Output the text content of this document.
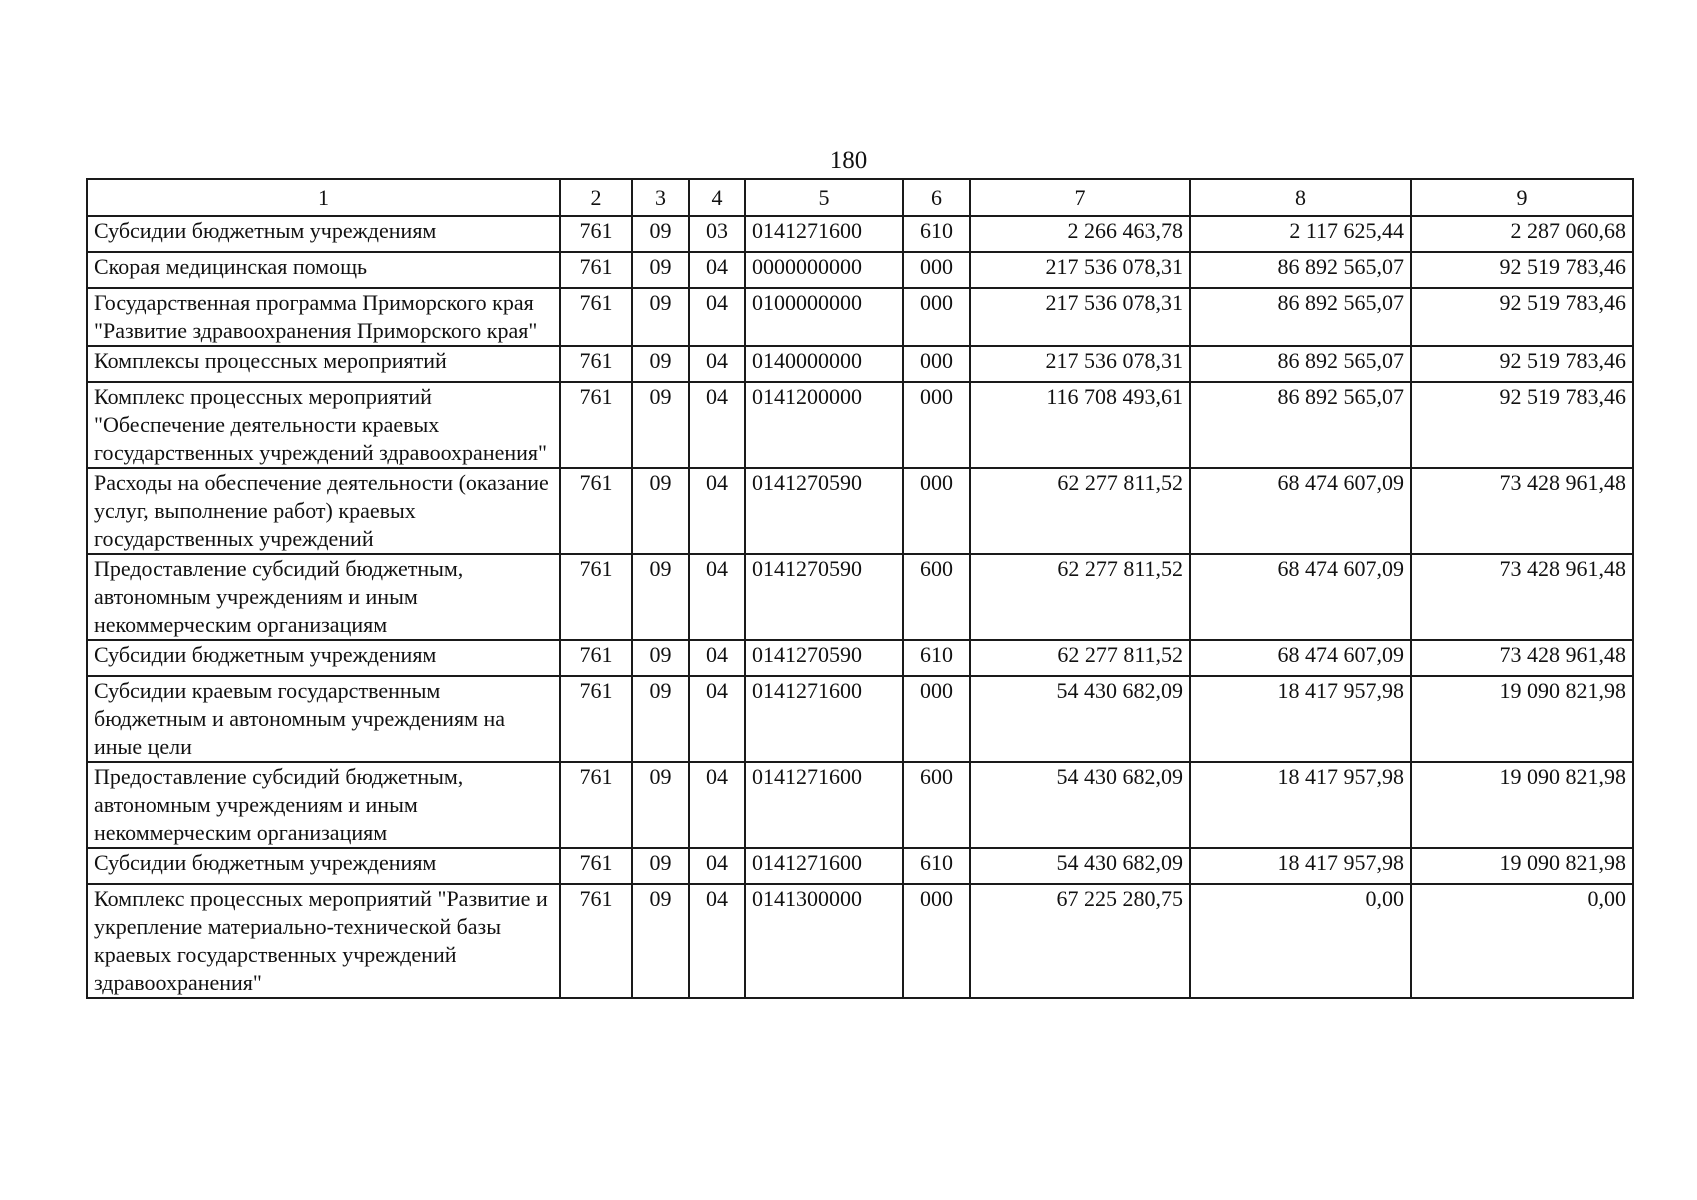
180
1	2	3	4	5	6	7	8	9
Субсидии бюджетным учреждениям	761	09	03	0141271600	610	2 266 463,78	2 117 625,44	2 287 060,68
Скорая медицинская помощь	761	09	04	0000000000	000	217 536 078,31	86 892 565,07	92 519 783,46
Государственная программа Приморского края "Развитие здравоохранения Приморского края"	761	09	04	0100000000	000	217 536 078,31	86 892 565,07	92 519 783,46
Комплексы процессных мероприятий	761	09	04	0140000000	000	217 536 078,31	86 892 565,07	92 519 783,46
Комплекс процессных мероприятий "Обеспечение деятельности краевых государственных учреждений здравоохранения"	761	09	04	0141200000	000	116 708 493,61	86 892 565,07	92 519 783,46
Расходы на обеспечение деятельности (оказание услуг, выполнение работ) краевых государственных учреждений	761	09	04	0141270590	000	62 277 811,52	68 474 607,09	73 428 961,48
Предоставление субсидий бюджетным, автономным учреждениям и иным некоммерческим организациям	761	09	04	0141270590	600	62 277 811,52	68 474 607,09	73 428 961,48
Субсидии бюджетным учреждениям	761	09	04	0141270590	610	62 277 811,52	68 474 607,09	73 428 961,48
Субсидии краевым государственным бюджетным и автономным учреждениям на иные цели	761	09	04	0141271600	000	54 430 682,09	18 417 957,98	19 090 821,98
Предоставление субсидий бюджетным, автономным учреждениям и иным некоммерческим организациям	761	09	04	0141271600	600	54 430 682,09	18 417 957,98	19 090 821,98
Субсидии бюджетным учреждениям	761	09	04	0141271600	610	54 430 682,09	18 417 957,98	19 090 821,98
Комплекс процессных мероприятий "Развитие и укрепление материально-технической базы краевых государственных учреждений здравоохранения"	761	09	04	0141300000	000	67 225 280,75	0,00	0,00
